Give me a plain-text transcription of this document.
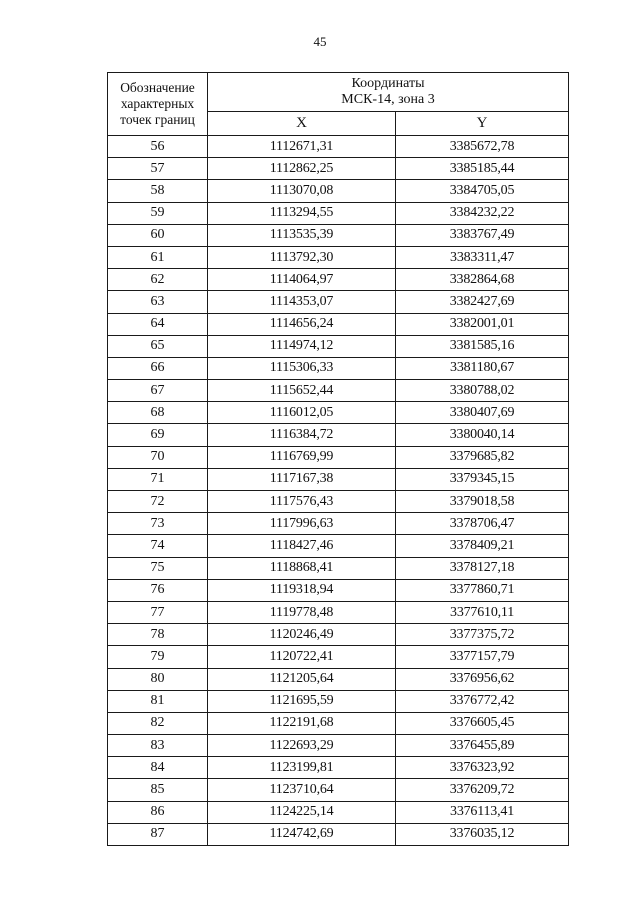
45
Обозначение характерных точек границ	Координаты
МСК-14, зона 3	
	X	Y
56	1112671,31	3385672,78
57	1112862,25	3385185,44
58	1113070,08	3384705,05
59	1113294,55	3384232,22
60	1113535,39	3383767,49
61	1113792,30	3383311,47
62	1114064,97	3382864,68
63	1114353,07	3382427,69
64	1114656,24	3382001,01
65	1114974,12	3381585,16
66	1115306,33	3381180,67
67	1115652,44	3380788,02
68	1116012,05	3380407,69
69	1116384,72	3380040,14
70	1116769,99	3379685,82
71	1117167,38	3379345,15
72	1117576,43	3379018,58
73	1117996,63	3378706,47
74	1118427,46	3378409,21
75	1118868,41	3378127,18
76	1119318,94	3377860,71
77	1119778,48	3377610,11
78	1120246,49	3377375,72
79	1120722,41	3377157,79
80	1121205,64	3376956,62
81	1121695,59	3376772,42
82	1122191,68	3376605,45
83	1122693,29	3376455,89
84	1123199,81	3376323,92
85	1123710,64	3376209,72
86	1124225,14	3376113,41
87	1124742,69	3376035,12
